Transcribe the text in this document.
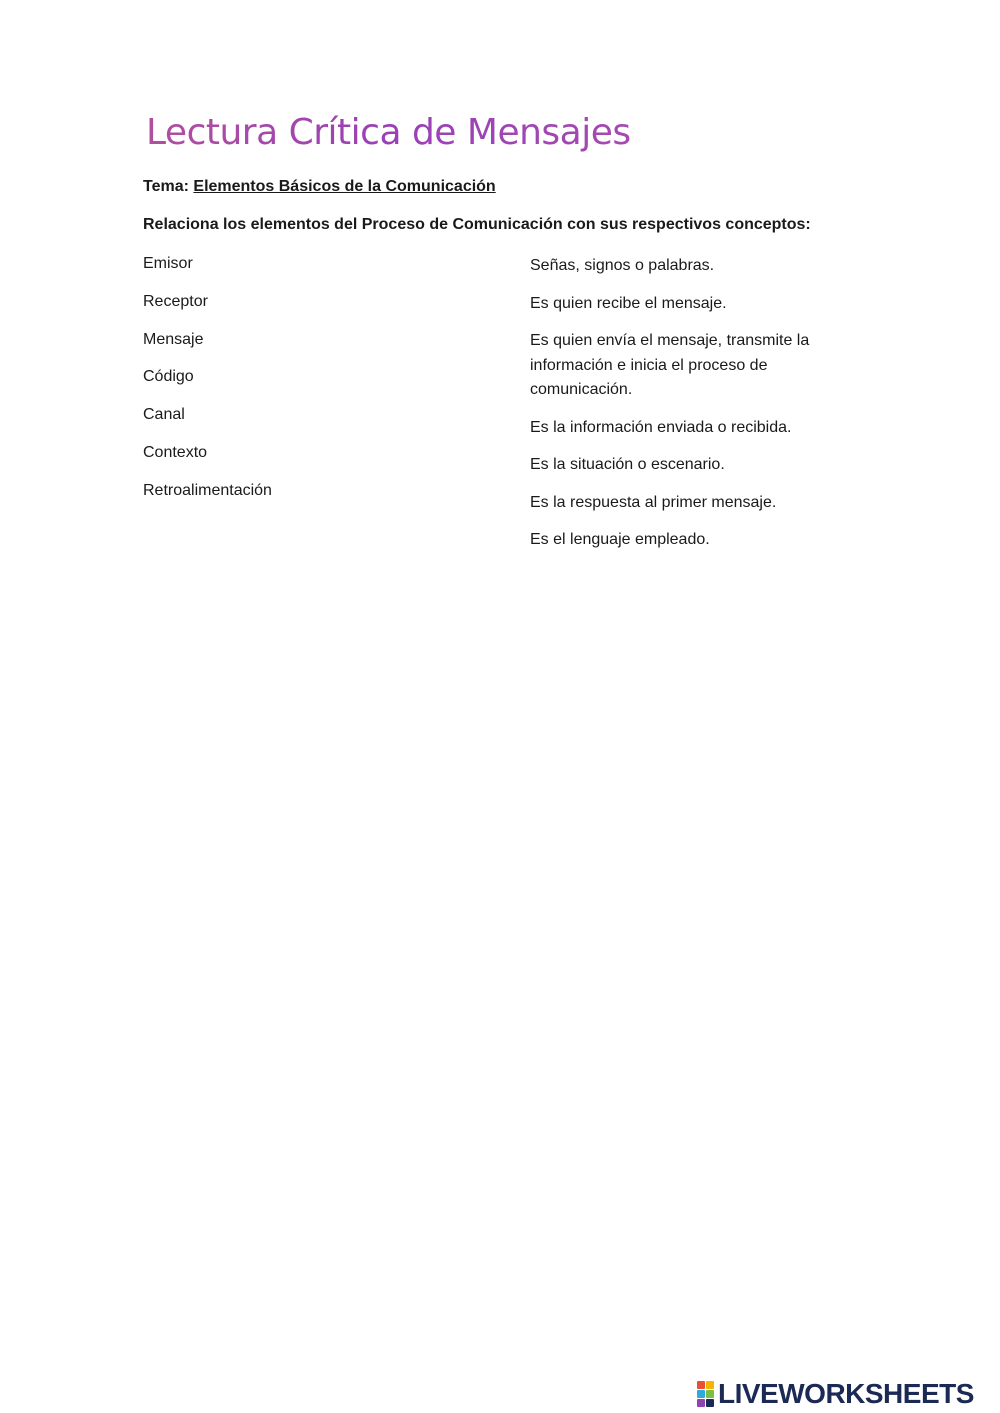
Lectura Crítica de Mensajes
Tema: Elementos Básicos de la Comunicación
Relaciona los elementos del Proceso de Comunicación con sus respectivos conceptos:
Emisor
Receptor
Mensaje
Código
Canal
Contexto
Retroalimentación
Señas, signos o palabras.
Es quien recibe el mensaje.
Es quien envía el mensaje, transmite la información e inicia el proceso de comunicación.
Es la información enviada o recibida.
Es la situación o escenario.
Es la respuesta al primer mensaje.
Es el lenguaje empleado.
LIVEWORKSHEETS
